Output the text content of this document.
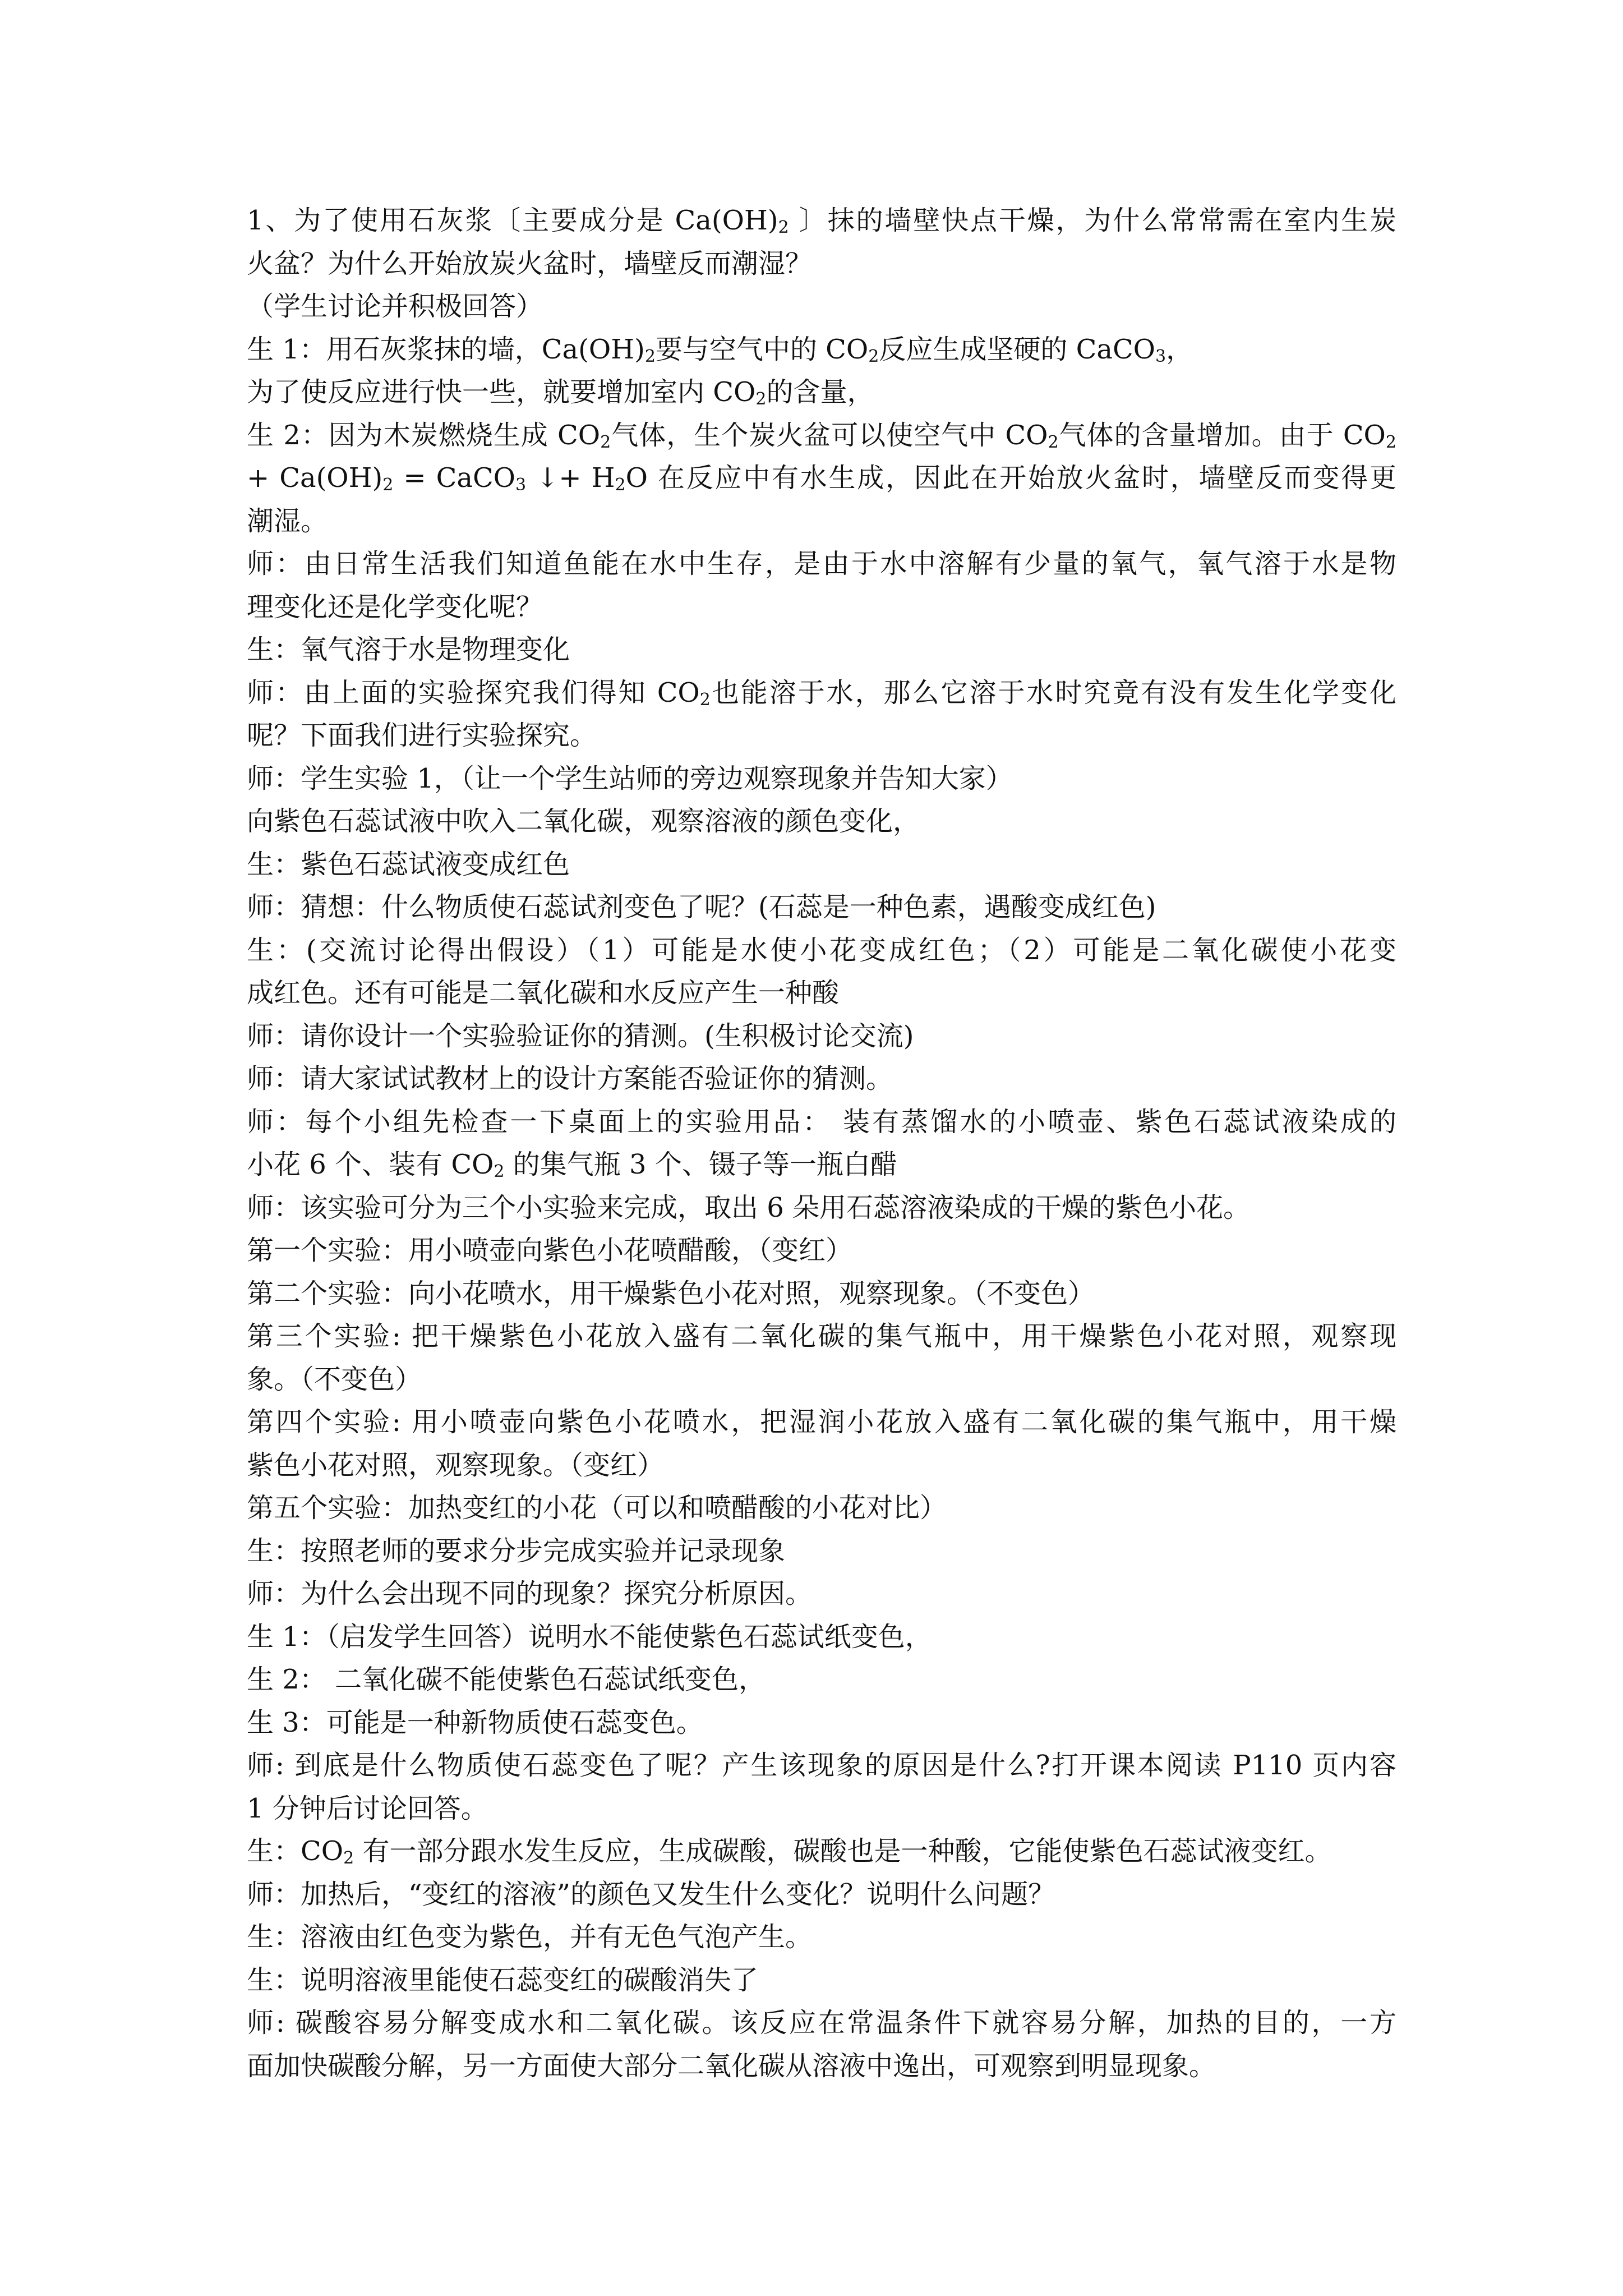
1、为了使用石灰浆〔主要成分是 $Ca(OH)_2$ 〕抹的墙壁快点干燥，为什么常常需在室内生炭
火盆？为什么开始放炭火盆时，墙壁反而潮湿？
（学生讨论并积极回答）
生 1：用石灰浆抹的墙，$Ca(OH)_2$要与空气中的 $CO_2$反应生成坚硬的 CaCO$_3$，
为了使反应进行快一些，就要增加室内 $CO_2$的含量，
生 2：因为木炭燃烧生成 $CO_2$气体，生个炭火盆可以使空气中 $CO_2$气体的含量增加。由于 $CO_2$
+ $Ca(OH)_2$ = CaCO$_3$ ↓+ $H_2O$ 在反应中有水生成，因此在开始放火盆时，墙壁反而变得更
潮湿。
师：由日常生活我们知道鱼能在水中生存，是由于水中溶解有少量的氧气，氧气溶于水是物
理变化还是化学变化呢？
生：氧气溶于水是物理变化
师：由上面的实验探究我们得知 $CO_2$也能溶于水，那么它溶于水时究竟有没有发生化学变化
呢？下面我们进行实验探究。
师：学生实验 1，（让一个学生站师的旁边观察现象并告知大家）
向紫色石蕊试液中吹入二氧化碳，观察溶液的颜色变化，
生：紫色石蕊试液变成红色
师：猜想：什么物质使石蕊试剂变色了呢？(石蕊是一种色素，遇酸变成红色)
生：(交流讨论得出假设）（1）可能是水使小花变成红色；（2）可能是二氧化碳使小花变
成红色。还有可能是二氧化碳和水反应产生一种酸
师：请你设计一个实验验证你的猜测。(生积极讨论交流)
师：请大家试试教材上的设计方案能否验证你的猜测。
师：每个小组先检查一下桌面上的实验用品： 装有蒸馏水的小喷壶、紫色石蕊试液染成的
小花 6 个、装有 $CO_2$ 的集气瓶 3 个、镊子等一瓶白醋
师：该实验可分为三个小实验来完成，取出 6 朵用石蕊溶液染成的干燥的紫色小花。
第一个实验：用小喷壶向紫色小花喷醋酸，（变红）
第二个实验：向小花喷水，用干燥紫色小花对照，观察现象。（不变色）
第三个实验: 把干燥紫色小花放入盛有二氧化碳的集气瓶中，用干燥紫色小花对照，观察现
象。（不变色）
第四个实验: 用小喷壶向紫色小花喷水，把湿润小花放入盛有二氧化碳的集气瓶中，用干燥
紫色小花对照，观察现象。（变红）
第五个实验：加热变红的小花（可以和喷醋酸的小花对比）
生：按照老师的要求分步完成实验并记录现象
师：为什么会出现不同的现象？探究分析原因。
生 1：（启发学生回答）说明水不能使紫色石蕊试纸变色，
生 2： 二氧化碳不能使紫色石蕊试纸变色，
生 3：可能是一种新物质使石蕊变色。
师: 到底是什么物质使石蕊变色了呢？产生该现象的原因是什么?打开课本阅读 P110 页内容
1 分钟后讨论回答。
生：$CO_2$ 有一部分跟水发生反应，生成碳酸，碳酸也是一种酸，它能使紫色石蕊试液变红。
师：加热后，“变红的溶液”的颜色又发生什么变化？说明什么问题？
生：溶液由红色变为紫色，并有无色气泡产生。
生：说明溶液里能使石蕊变红的碳酸消失了
师: 碳酸容易分解变成水和二氧化碳。该反应在常温条件下就容易分解，加热的目的，一方
面加快碳酸分解，另一方面使大部分二氧化碳从溶液中逸出，可观察到明显现象。
